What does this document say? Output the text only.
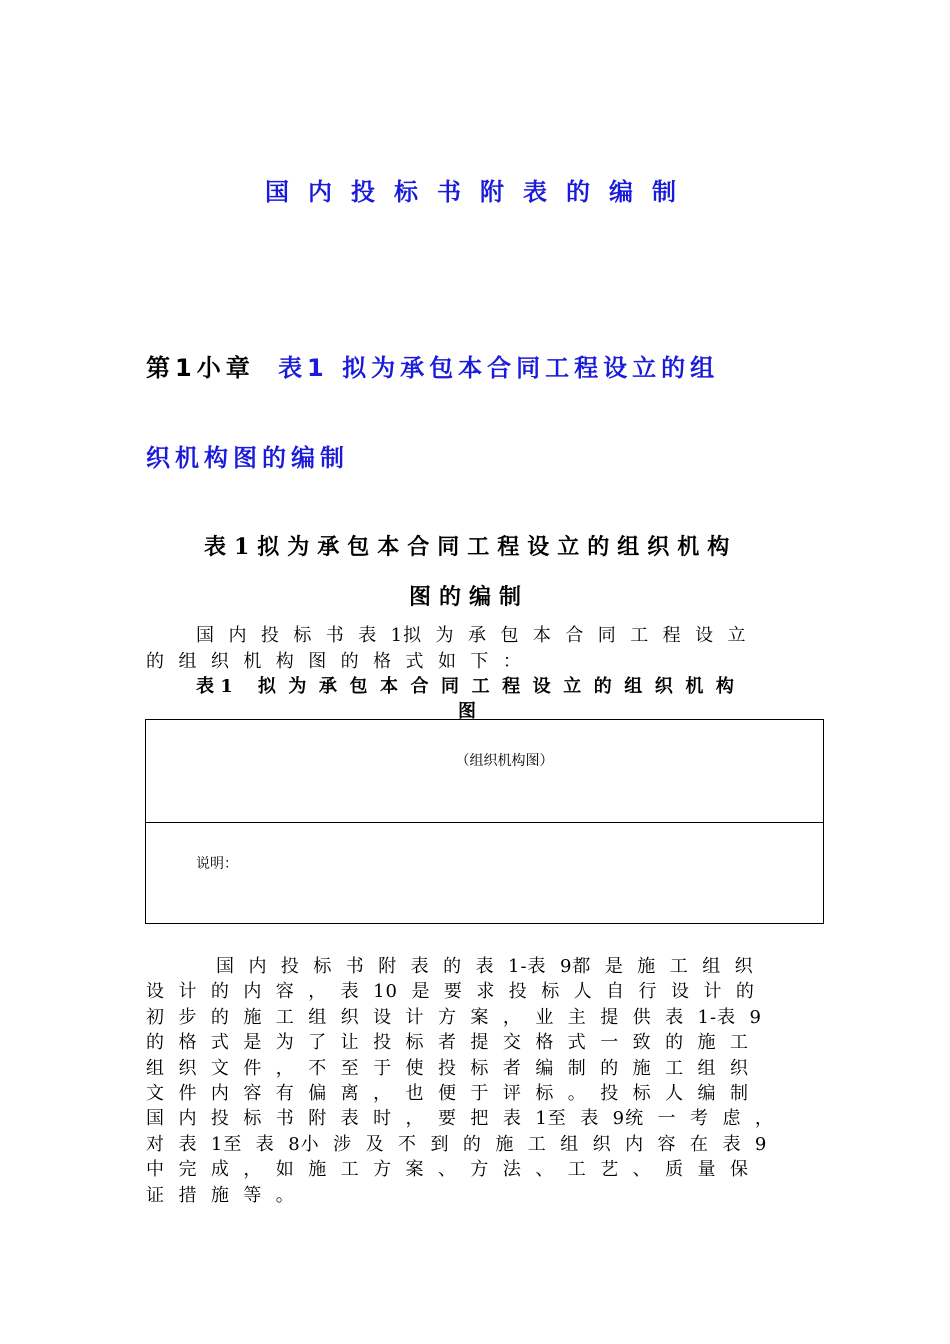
国内投标书附表的编制
第1小章 表1 拟为承包本合同工程设立的组
织机构图的编制
表1拟为承包本合同工程设立的组织机构
图的编制
国  内  投  标  书  表  1拟  为  承  包  本  合  同  工  程  设  立
的  组  织  机  构  图  的  格  式  如  下  ：
表 1    拟  为  承  包  本  合  同  工  程  设  立  的  组  织  机  构
图
（组织机构图）
说明：
国  内  投  标  书  附  表  的  表  1-表  9都  是  施  工  组  织
设  计  的  内  容  ，  表  10  是  要  求  投  标  人  自  行  设  计  的
初  步  的  施  工  组  织  设  计  方  案  ，  业  主  提  供  表  1-表  9
的  格  式  是  为  了  让  投  标  者  提  交  格  式  一  致  的  施  工
组  织  文  件  ，  不  至  于  使  投  标  者  编  制  的  施  工  组  织
文  件  内  容  有  偏  离  ，  也  便  于  评  标  。  投  标  人  编  制
国  内  投  标  书  附  表  时  ，  要  把  表  1至  表  9统  一  考  虑  ，
对  表  1至  表  8小  涉  及  不  到  的  施  工  组  织  内  容  在  表  9
中  完  成  ，  如  施  工  方  案  、  方  法  、  工  艺  、  质  量  保
证  措  施  等  。
